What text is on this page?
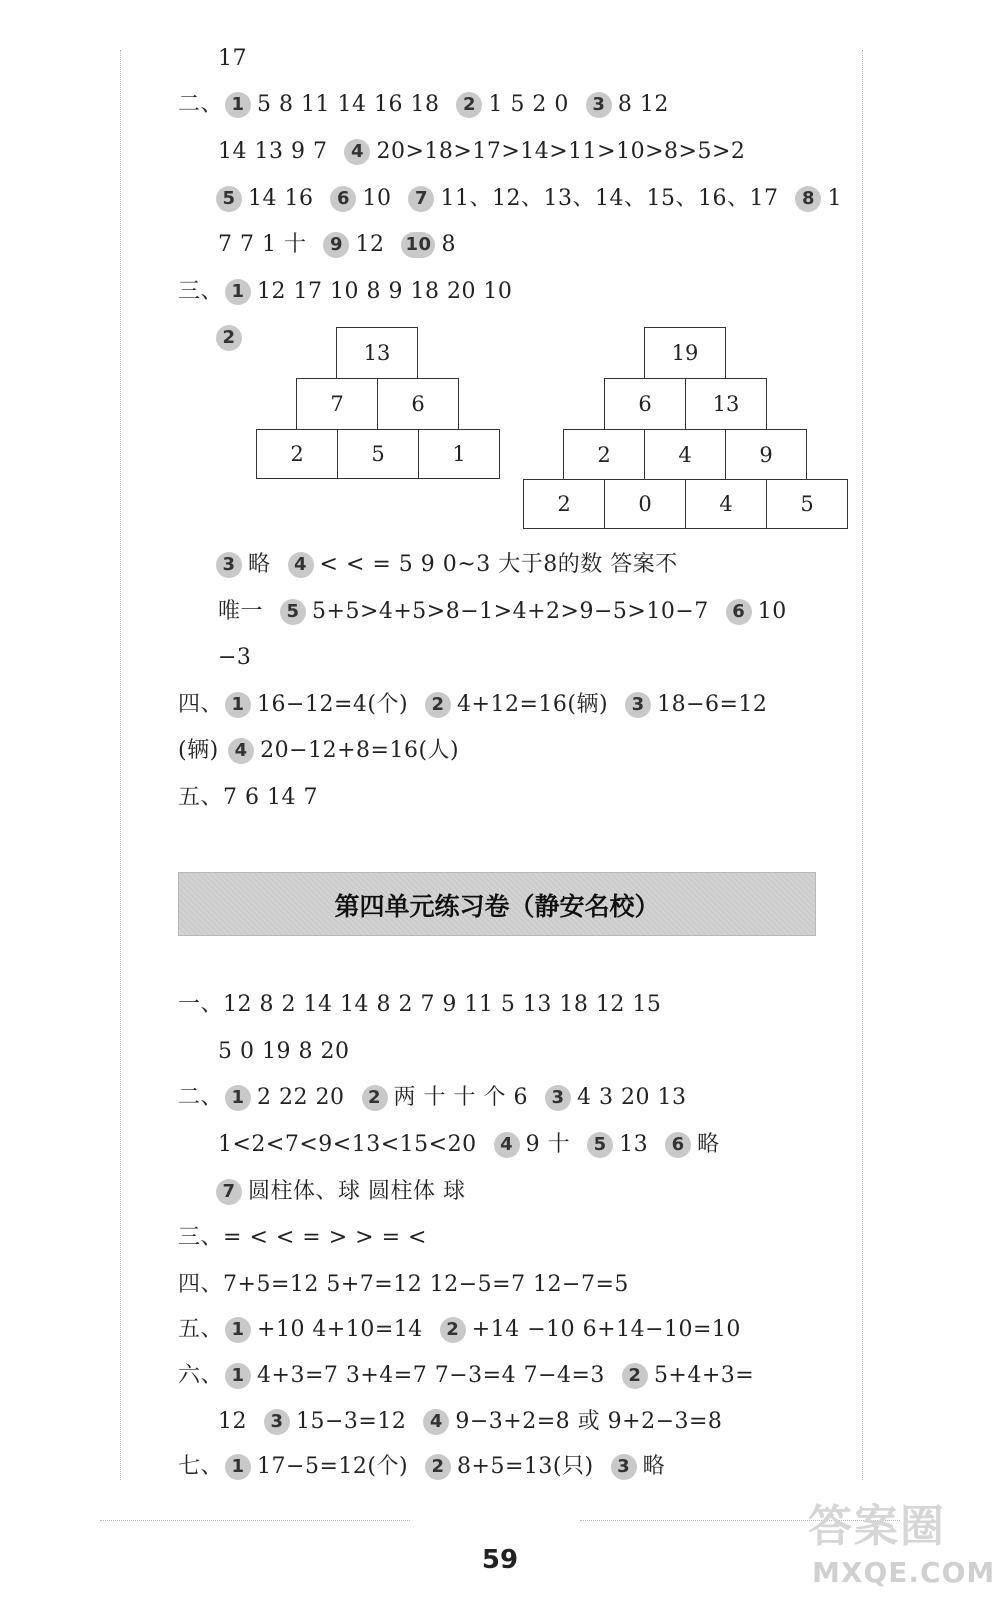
17
二、 1 5 8 11 14 16 18 2 1 5 2 0 3 8 12
14 13 9 7 4 20>18>17>14>11>10>8>5>2
5 14 16 6 10 7 11、12、13、14、15、16、17 8 1
7 7 1 十 9 12 10 8
三、 1 12 17 10 8 9 18 20 10
2
13
7	6
2	5	1
19
6	13
2	4	9
2	0	4	5
3 略 4 < < = 5 9 0~3 大于8的数 答案不
唯一 5 5+5>4+5>8−1>4+2>9−5>10−7 6 10
−3
四、 1 16−12=4(个) 2 4+12=16(辆) 3 18−6=12
(辆) 4 20−12+8=16(人)
五、7 6 14 7
第四单元练习卷（静安名校）
一、12 8 2 14 14 8 2 7 9 11 5 13 18 12 15
5 0 19 8 20
二、 1 2 22 20 2 两 十 十 个 6 3 4 3 20 13
1<2<7<9<13<15<20 4 9 十 5 13 6 略
7 圆柱体、球 圆柱体 球
三、= < < = > > = <
四、7+5=12 5+7=12 12−5=7 12−7=5
五、 1 +10 4+10=14 2 +14 −10 6+14−10=10
六、 1 4+3=7 3+4=7 7−3=4 7−4=3 2 5+4+3=
12 3 15−3=12 4 9−3+2=8 或 9+2−3=8
七、 1 17−5=12(个) 2 8+5=13(只) 3 略
59
答案圈
MXQE.COM
